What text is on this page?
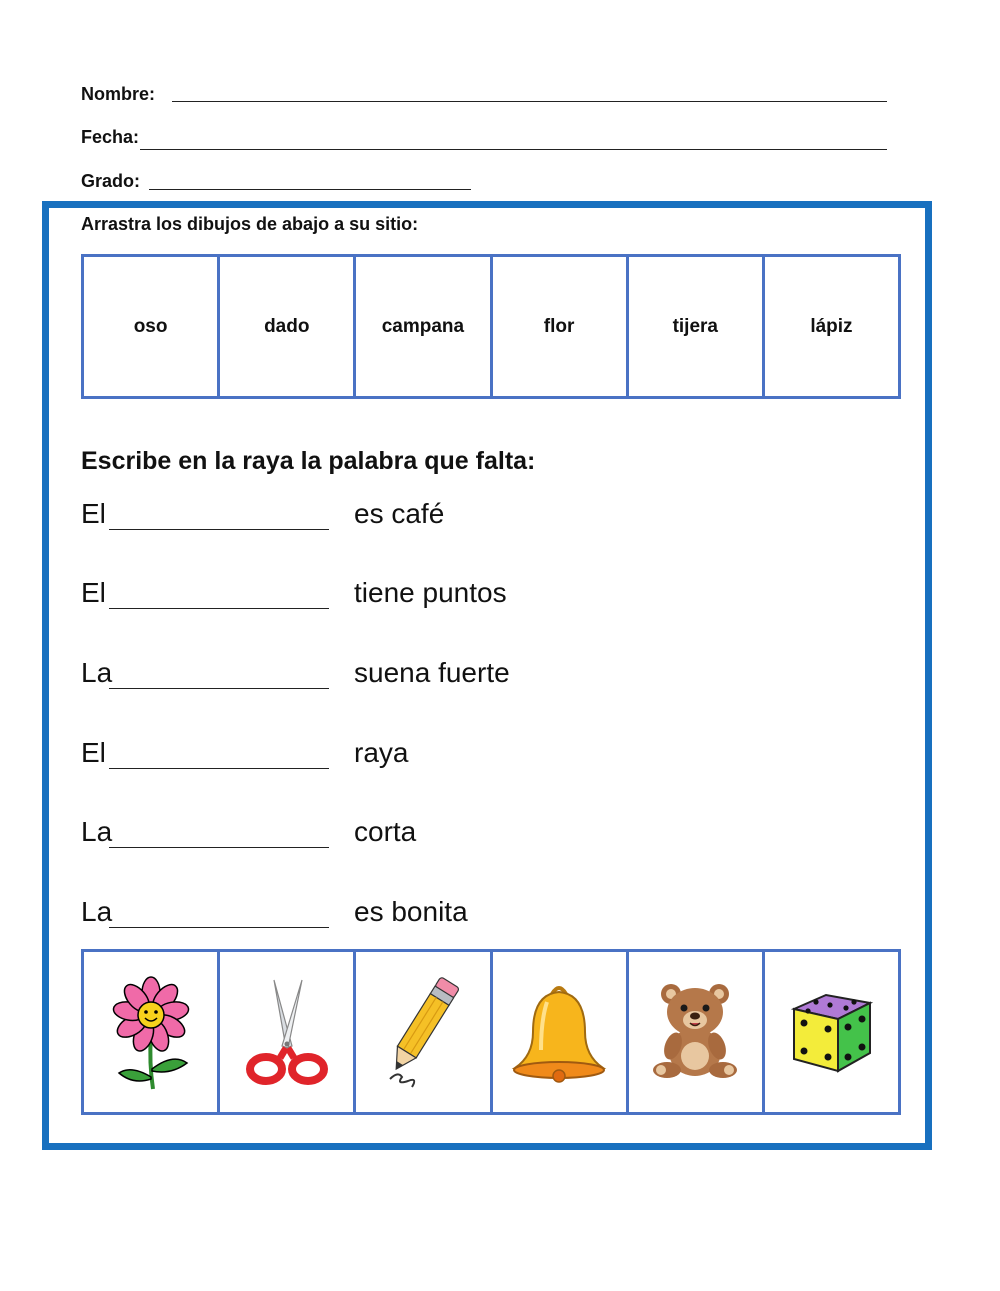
Nombre:
Fecha:
Grado:
Arrastra los dibujos de abajo a su sitio:
oso	dado	campana	flor	tijera	lápiz
Escribe en la raya la palabra que falta:
El	es café
El	tiene puntos
La	suena fuerte
El	raya
La	corta
La	es bonita
